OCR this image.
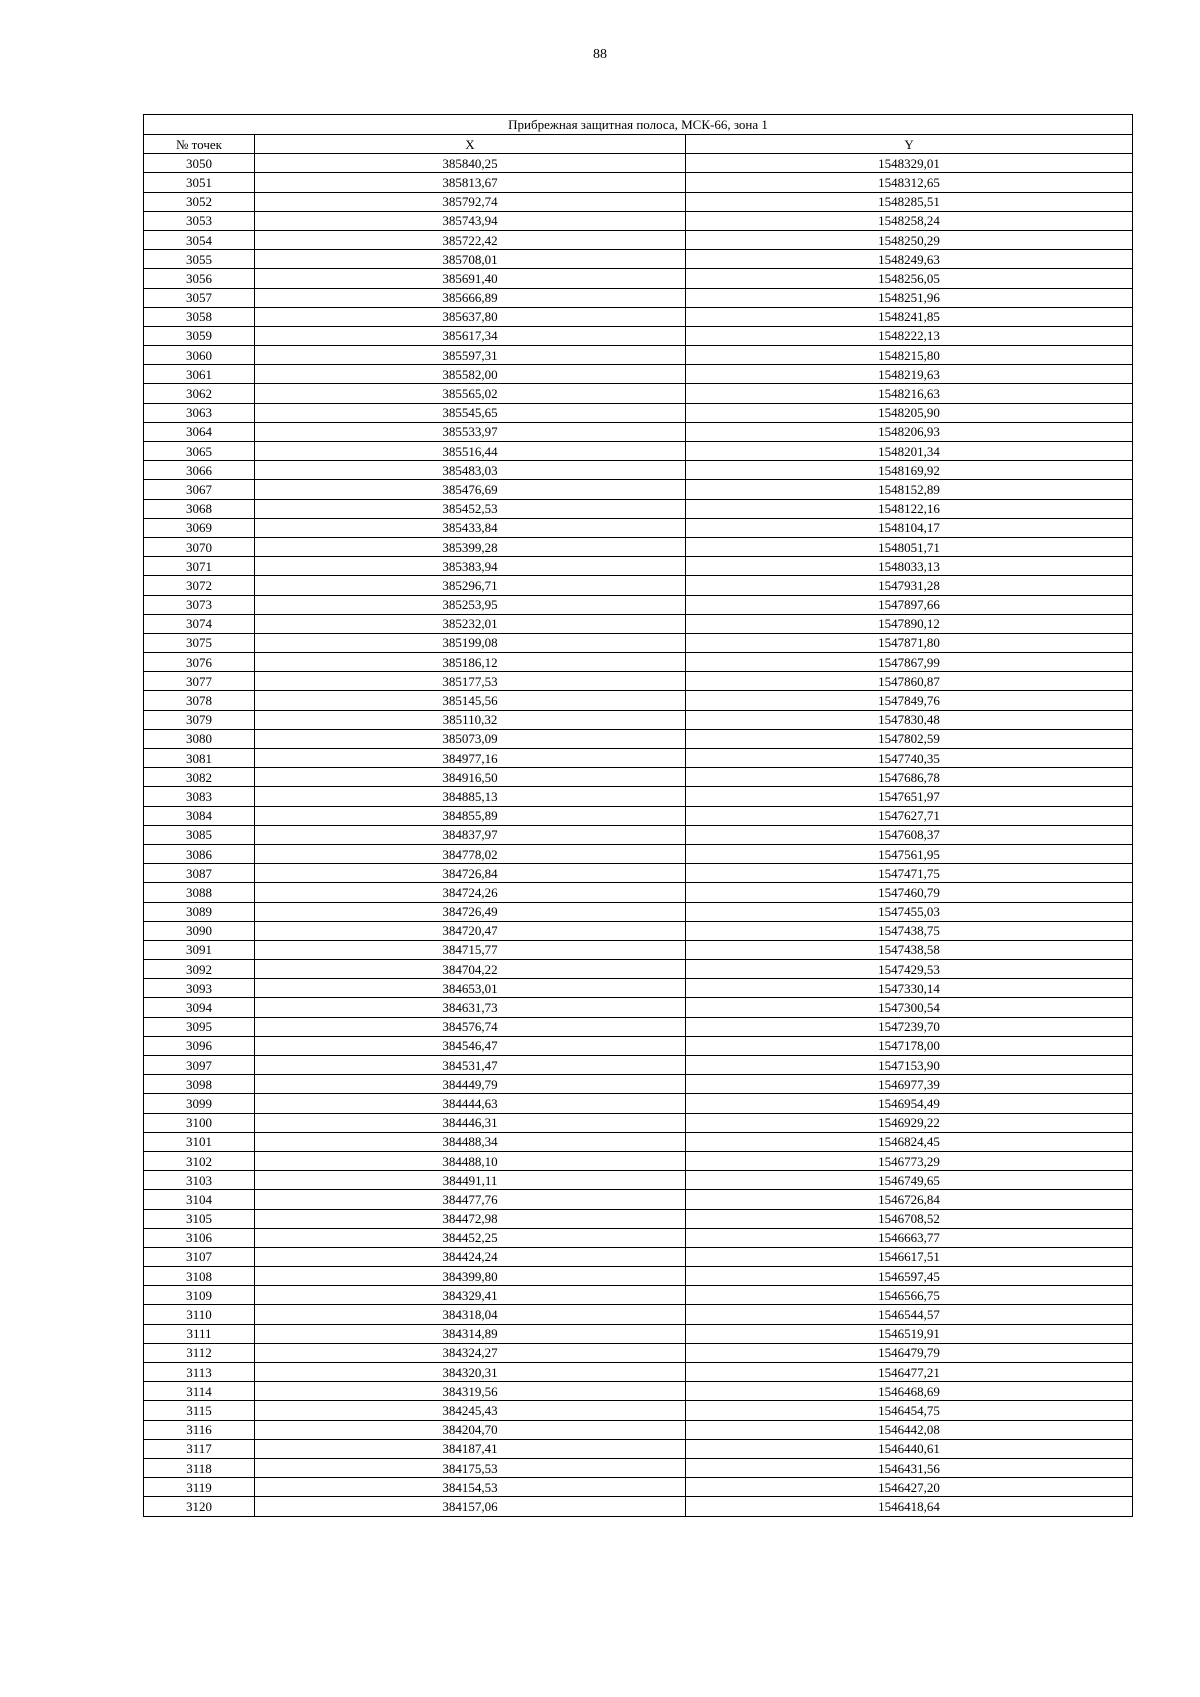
88
Прибрежная защитная полоса, МСК-66, зона 1		
№ точек	X	Y
3050	385840,25	1548329,01
3051	385813,67	1548312,65
3052	385792,74	1548285,51
3053	385743,94	1548258,24
3054	385722,42	1548250,29
3055	385708,01	1548249,63
3056	385691,40	1548256,05
3057	385666,89	1548251,96
3058	385637,80	1548241,85
3059	385617,34	1548222,13
3060	385597,31	1548215,80
3061	385582,00	1548219,63
3062	385565,02	1548216,63
3063	385545,65	1548205,90
3064	385533,97	1548206,93
3065	385516,44	1548201,34
3066	385483,03	1548169,92
3067	385476,69	1548152,89
3068	385452,53	1548122,16
3069	385433,84	1548104,17
3070	385399,28	1548051,71
3071	385383,94	1548033,13
3072	385296,71	1547931,28
3073	385253,95	1547897,66
3074	385232,01	1547890,12
3075	385199,08	1547871,80
3076	385186,12	1547867,99
3077	385177,53	1547860,87
3078	385145,56	1547849,76
3079	385110,32	1547830,48
3080	385073,09	1547802,59
3081	384977,16	1547740,35
3082	384916,50	1547686,78
3083	384885,13	1547651,97
3084	384855,89	1547627,71
3085	384837,97	1547608,37
3086	384778,02	1547561,95
3087	384726,84	1547471,75
3088	384724,26	1547460,79
3089	384726,49	1547455,03
3090	384720,47	1547438,75
3091	384715,77	1547438,58
3092	384704,22	1547429,53
3093	384653,01	1547330,14
3094	384631,73	1547300,54
3095	384576,74	1547239,70
3096	384546,47	1547178,00
3097	384531,47	1547153,90
3098	384449,79	1546977,39
3099	384444,63	1546954,49
3100	384446,31	1546929,22
3101	384488,34	1546824,45
3102	384488,10	1546773,29
3103	384491,11	1546749,65
3104	384477,76	1546726,84
3105	384472,98	1546708,52
3106	384452,25	1546663,77
3107	384424,24	1546617,51
3108	384399,80	1546597,45
3109	384329,41	1546566,75
3110	384318,04	1546544,57
3111	384314,89	1546519,91
3112	384324,27	1546479,79
3113	384320,31	1546477,21
3114	384319,56	1546468,69
3115	384245,43	1546454,75
3116	384204,70	1546442,08
3117	384187,41	1546440,61
3118	384175,53	1546431,56
3119	384154,53	1546427,20
3120	384157,06	1546418,64
